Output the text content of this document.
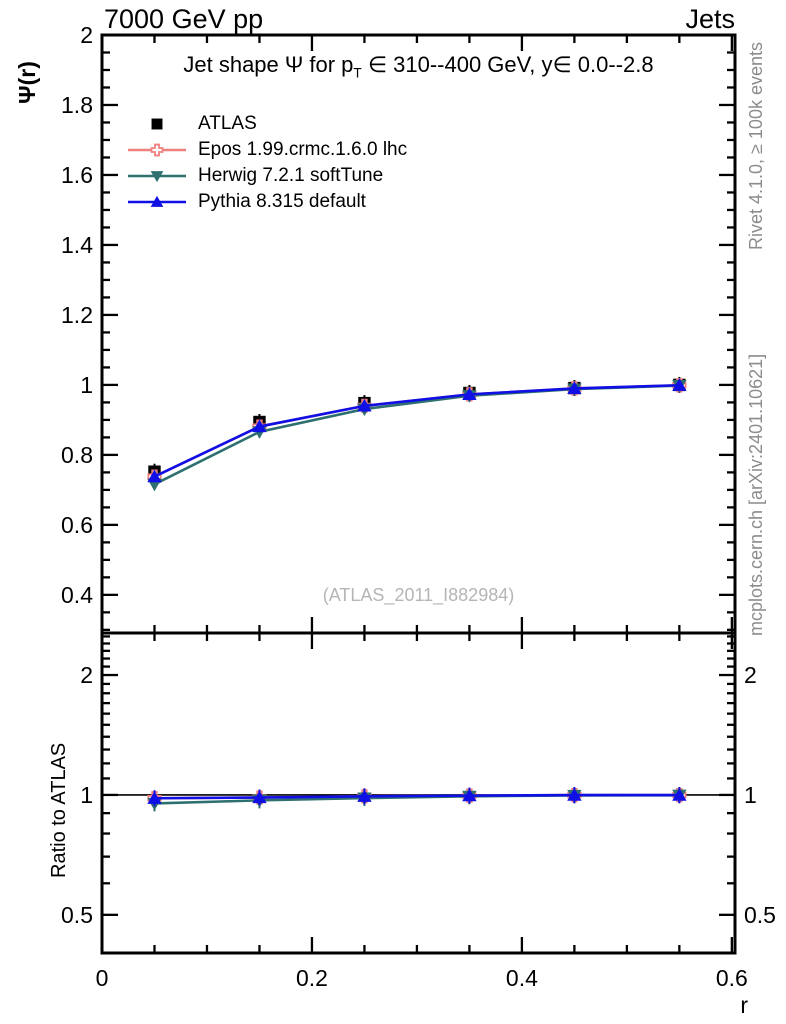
0.4
0.6
0.8
1
1.2
1.4
1.6
1.8
2
0.5	0.5
1	1
2	2
0	0.2	0.4	0.6
7000 GeV pp	Jets
Jet shape Ψ for $p_T$ ∈ 310--400 GeV, y∈ 0.0--2.8
ATLAS
Epos 1.99.crmc.1.6.0 lhc
Herwig 7.2.1 softTune
Pythia 8.315 default
(ATLAS_2011_I882984)
Ψ(r)
Ratio to ATLAS
r
Rivet 4.1.0, ≥ 100k events
mcplots.cern.ch [arXiv:2401.10621]
